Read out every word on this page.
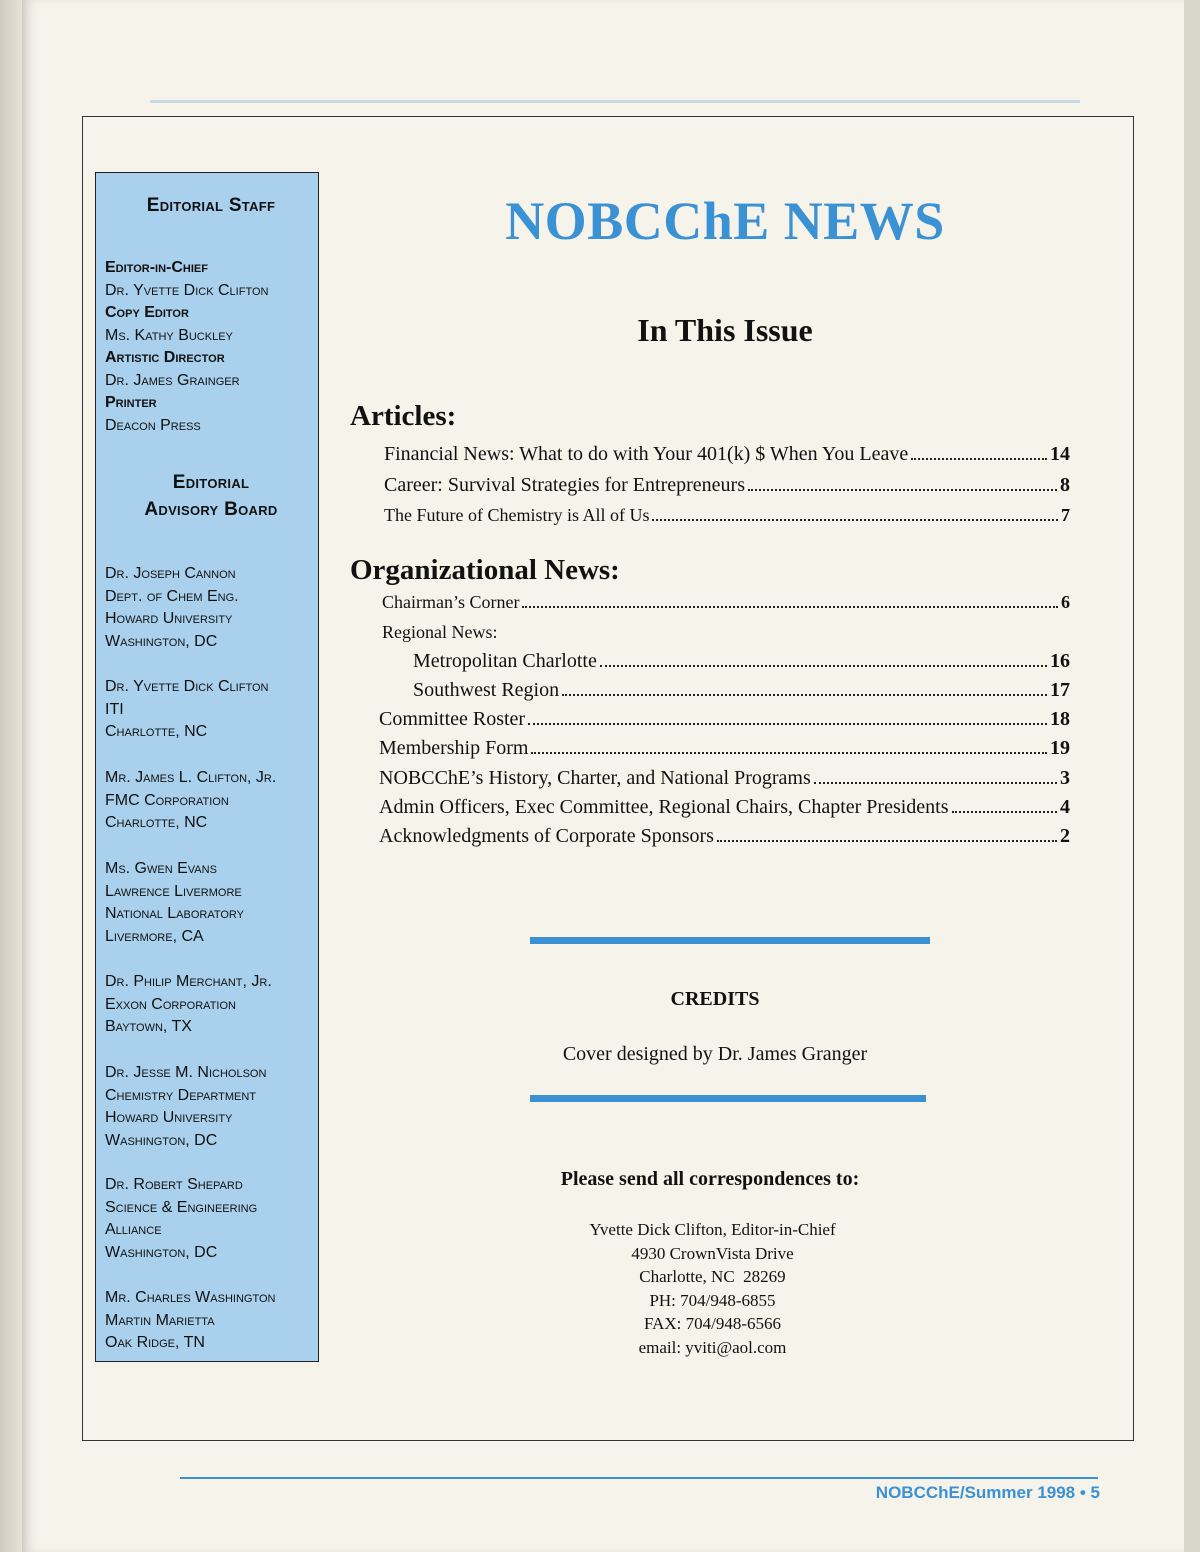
Editorial Staff
Editor-in-Chief
Dr. Yvette Dick Clifton
Copy Editor
Ms. Kathy Buckley
Artistic Director
Dr. James Grainger
Printer
Deacon Press
Editorial
Advisory Board
Dr. Joseph Cannon
Dept. of Chem Eng.
Howard University
Washington, DC
Dr. Yvette Dick Clifton
ITI
Charlotte, NC
Mr. James L. Clifton, Jr.
FMC Corporation
Charlotte, NC
Ms. Gwen Evans
Lawrence Livermore
National Laboratory
Livermore, CA
Dr. Philip Merchant, Jr.
Exxon Corporation
Baytown, TX
Dr. Jesse M. Nicholson
Chemistry Department
Howard University
Washington, DC
Dr. Robert Shepard
Science & Engineering
Alliance
Washington, DC
Mr. Charles Washington
Martin Marietta
Oak Ridge, TN
NOBCChE NEWS
In This Issue
Articles:
Financial News: What to do with Your 401(k) $ When You Leave	14
Career: Survival Strategies for Entrepreneurs	8
The Future of Chemistry is All of Us	7
Organizational News:
Chairman’s Corner	6
Regional News:
Metropolitan Charlotte	16
Southwest Region	17
Committee Roster	18
Membership Form	19
NOBCChE’s History, Charter, and National Programs	3
Admin Officers, Exec Committee, Regional Chairs, Chapter Presidents	4
Acknowledgments of Corporate Sponsors	2
CREDITS
Cover designed by Dr. James Granger
Please send all correspondences to:
Yvette Dick Clifton, Editor-in-Chief
4930 CrownVista Drive
Charlotte, NC  28269
PH: 704/948-6855
FAX: 704/948-6566
email: yviti@aol.com
NOBCChE/Summer 1998 • 5
